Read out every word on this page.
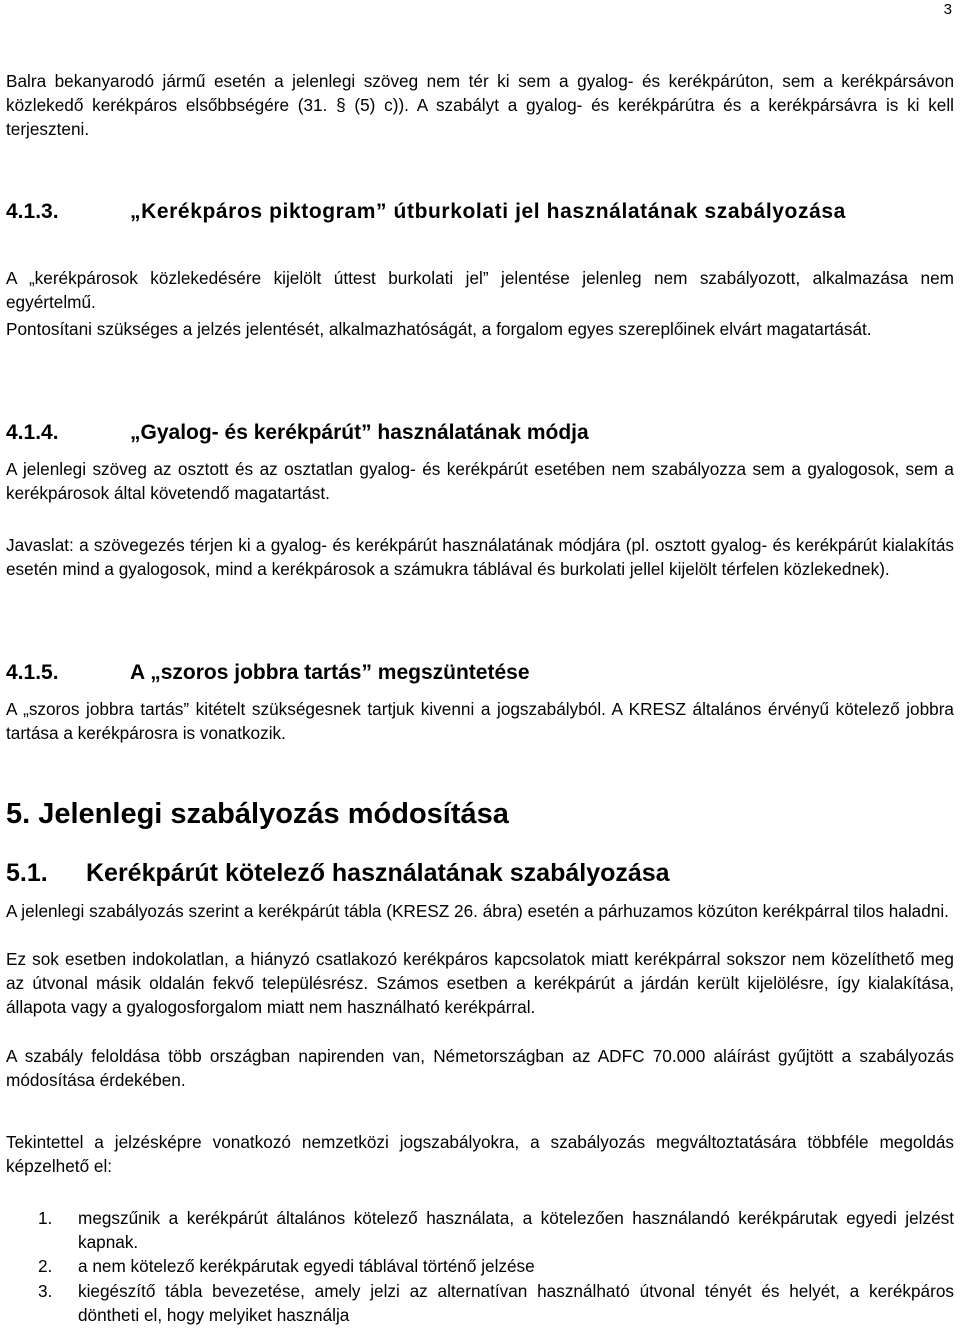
3

Balra bekanyarodó jármű esetén a jelenlegi szöveg nem tér ki sem a gyalog- és kerékpárúton, sem a kerékpársávon közlekedő kerékpáros elsőbbségére (31. § (5) c)). A szabályt a gyalog- és kerékpárútra és a kerékpársávra is ki kell terjeszteni.

4.1.3.	„Kerékpáros piktogram” útburkolati jel használatának szabályozása

A „kerékpárosok közlekedésére kijelölt úttest burkolati jel” jelentése jelenleg nem szabályozott, alkalmazása nem egyértelmű.

Pontosítani szükséges a jelzés jelentését, alkalmazhatóságát, a forgalom egyes szereplőinek elvárt magatartását.

4.1.4.	„Gyalog- és kerékpárút” használatának módja

A jelenlegi szöveg az osztott és az osztatlan gyalog- és kerékpárút esetében nem szabályozza sem a gyalogosok, sem a kerékpárosok által követendő magatartást.

Javaslat: a szövegezés térjen ki a gyalog- és kerékpárút használatának módjára (pl. osztott gyalog- és kerékpárút kialakítás esetén mind a gyalogosok, mind a kerékpárosok a számukra táblával és burkolati jellel kijelölt térfelen közlekednek).

4.1.5.	A „szoros jobbra tartás” megszüntetése

A „szoros jobbra tartás” kitételt szükségesnek tartjuk kivenni a jogszabályból. A KRESZ általános érvényű kötelező jobbra tartása a kerékpárosra is vonatkozik.

5. Jelenlegi szabályozás módosítása
5.1. Kerékpárút kötelező használatának szabályozása

A jelenlegi szabályozás szerint a kerékpárút tábla (KRESZ 26. ábra) esetén a párhuzamos közúton kerékpárral tilos haladni.

Ez sok esetben indokolatlan, a hiányzó csatlakozó kerékpáros kapcsolatok miatt kerékpárral sokszor nem közelíthető meg az útvonal másik oldalán fekvő településrész. Számos esetben a kerékpárút a járdán került kijelölésre, így kialakítása, állapota vagy a gyalogosforgalom miatt nem használható kerékpárral.

A szabály feloldása több országban napirenden van, Németországban az ADFC 70.000 aláírást gyűjtött a szabályozás módosítása érdekében.

Tekintettel a jelzésképre vonatkozó nemzetközi jogszabályokra, a szabályozás megváltoztatására többféle megoldás képzelhető el:

1. megszűnik a kerékpárút általános kötelező használata, a kötelezően használandó kerékpárutak egyedi jelzést kapnak.
2. a nem kötelező kerékpárutak egyedi táblával történő jelzése
3. kiegészítő tábla bevezetése, amely jelzi az alternatívan használható útvonal tényét és helyét, a kerékpáros döntheti el, hogy melyiket használja
